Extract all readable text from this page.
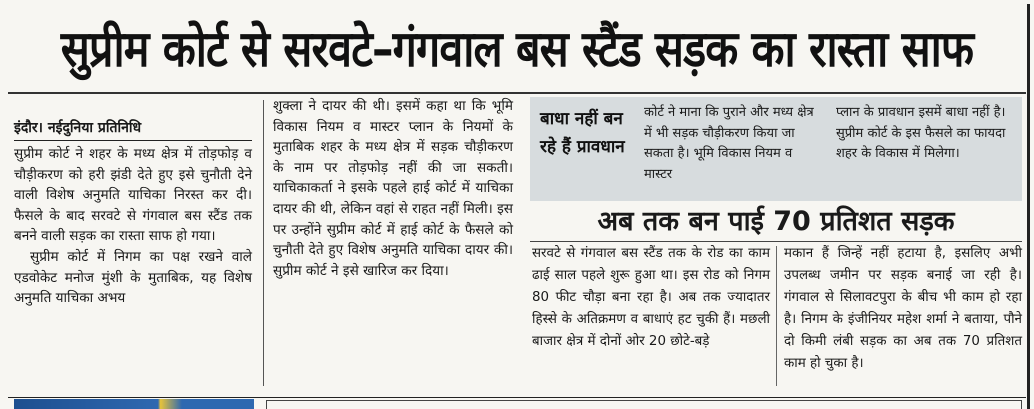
सुप्रीम कोर्ट से सरवटे–गंगवाल बस स्टैंड सड़क का रास्ता साफ
इंदौर। नईदुनिया प्रतिनिधि

सुप्रीम कोर्ट ने शहर के मध्य क्षेत्र में तोड़फोड़ व चौड़ीकरण को हरी झंडी देते हुए इसे चुनौती देने वाली विशेष अनुमति याचिका निरस्त कर दी। फैसले के बाद सरवटे से गंगवाल बस स्टैंड तक बनने वाली सड़क का रास्ता साफ हो गया।

सुप्रीम कोर्ट में निगम का पक्ष रखने वाले एडवोकेट मनोज मुंशी के मुताबिक, यह विशेष अनुमति याचिका अभय

शुक्ला ने दायर की थी। इसमें कहा था कि भूमि विकास नियम व मास्टर प्लान के नियमों के मुताबिक शहर के मध्य क्षेत्र में सड़क चौड़ीकरण के नाम पर तोड़फोड़ नहीं की जा सकती। याचिकाकर्ता ने इसके पहले हाई कोर्ट में याचिका दायर की थी, लेकिन वहां से राहत नहीं मिली। इस पर उन्होंने सुप्रीम कोर्ट में हाई कोर्ट के फैसले को चुनौती देते हुए विशेष अनुमति याचिका दायर की। सुप्रीम कोर्ट ने इसे खारिज कर दिया।

बाधा नहीं बन रहे हैं प्रावधान
कोर्ट ने माना कि पुराने और मध्य क्षेत्र में भी सड़क चौड़ीकरण किया जा सकता है। भूमि विकास नियम व मास्टर
प्लान के प्रावधान इसमें बाधा नहीं है। सुप्रीम कोर्ट के इस फैसले का फायदा शहर के विकास में मिलेगा।
अब तक बन पाई 70 प्रतिशत सड़क
सरवटे से गंगवाल बस स्टैंड तक के रोड का काम ढाई साल पहले शुरू हुआ था। इस रोड को निगम 80 फीट चौड़ा बना रहा है। अब तक ज्यादातर हिस्से के अतिक्रमण व बाधाएं हट चुकी हैं। मछली बाजार क्षेत्र में दोनों ओर 20 छोटे-बड़े
मकान हैं जिन्हें नहीं हटाया है, इसलिए अभी उपलब्ध जमीन पर सड़क बनाई जा रही है। गंगवाल से सिलावटपुरा के बीच भी काम हो रहा है। निगम के इंजीनियर महेश शर्मा ने बताया, पौने दो किमी लंबी सड़क का अब तक 70 प्रतिशत काम हो चुका है।
